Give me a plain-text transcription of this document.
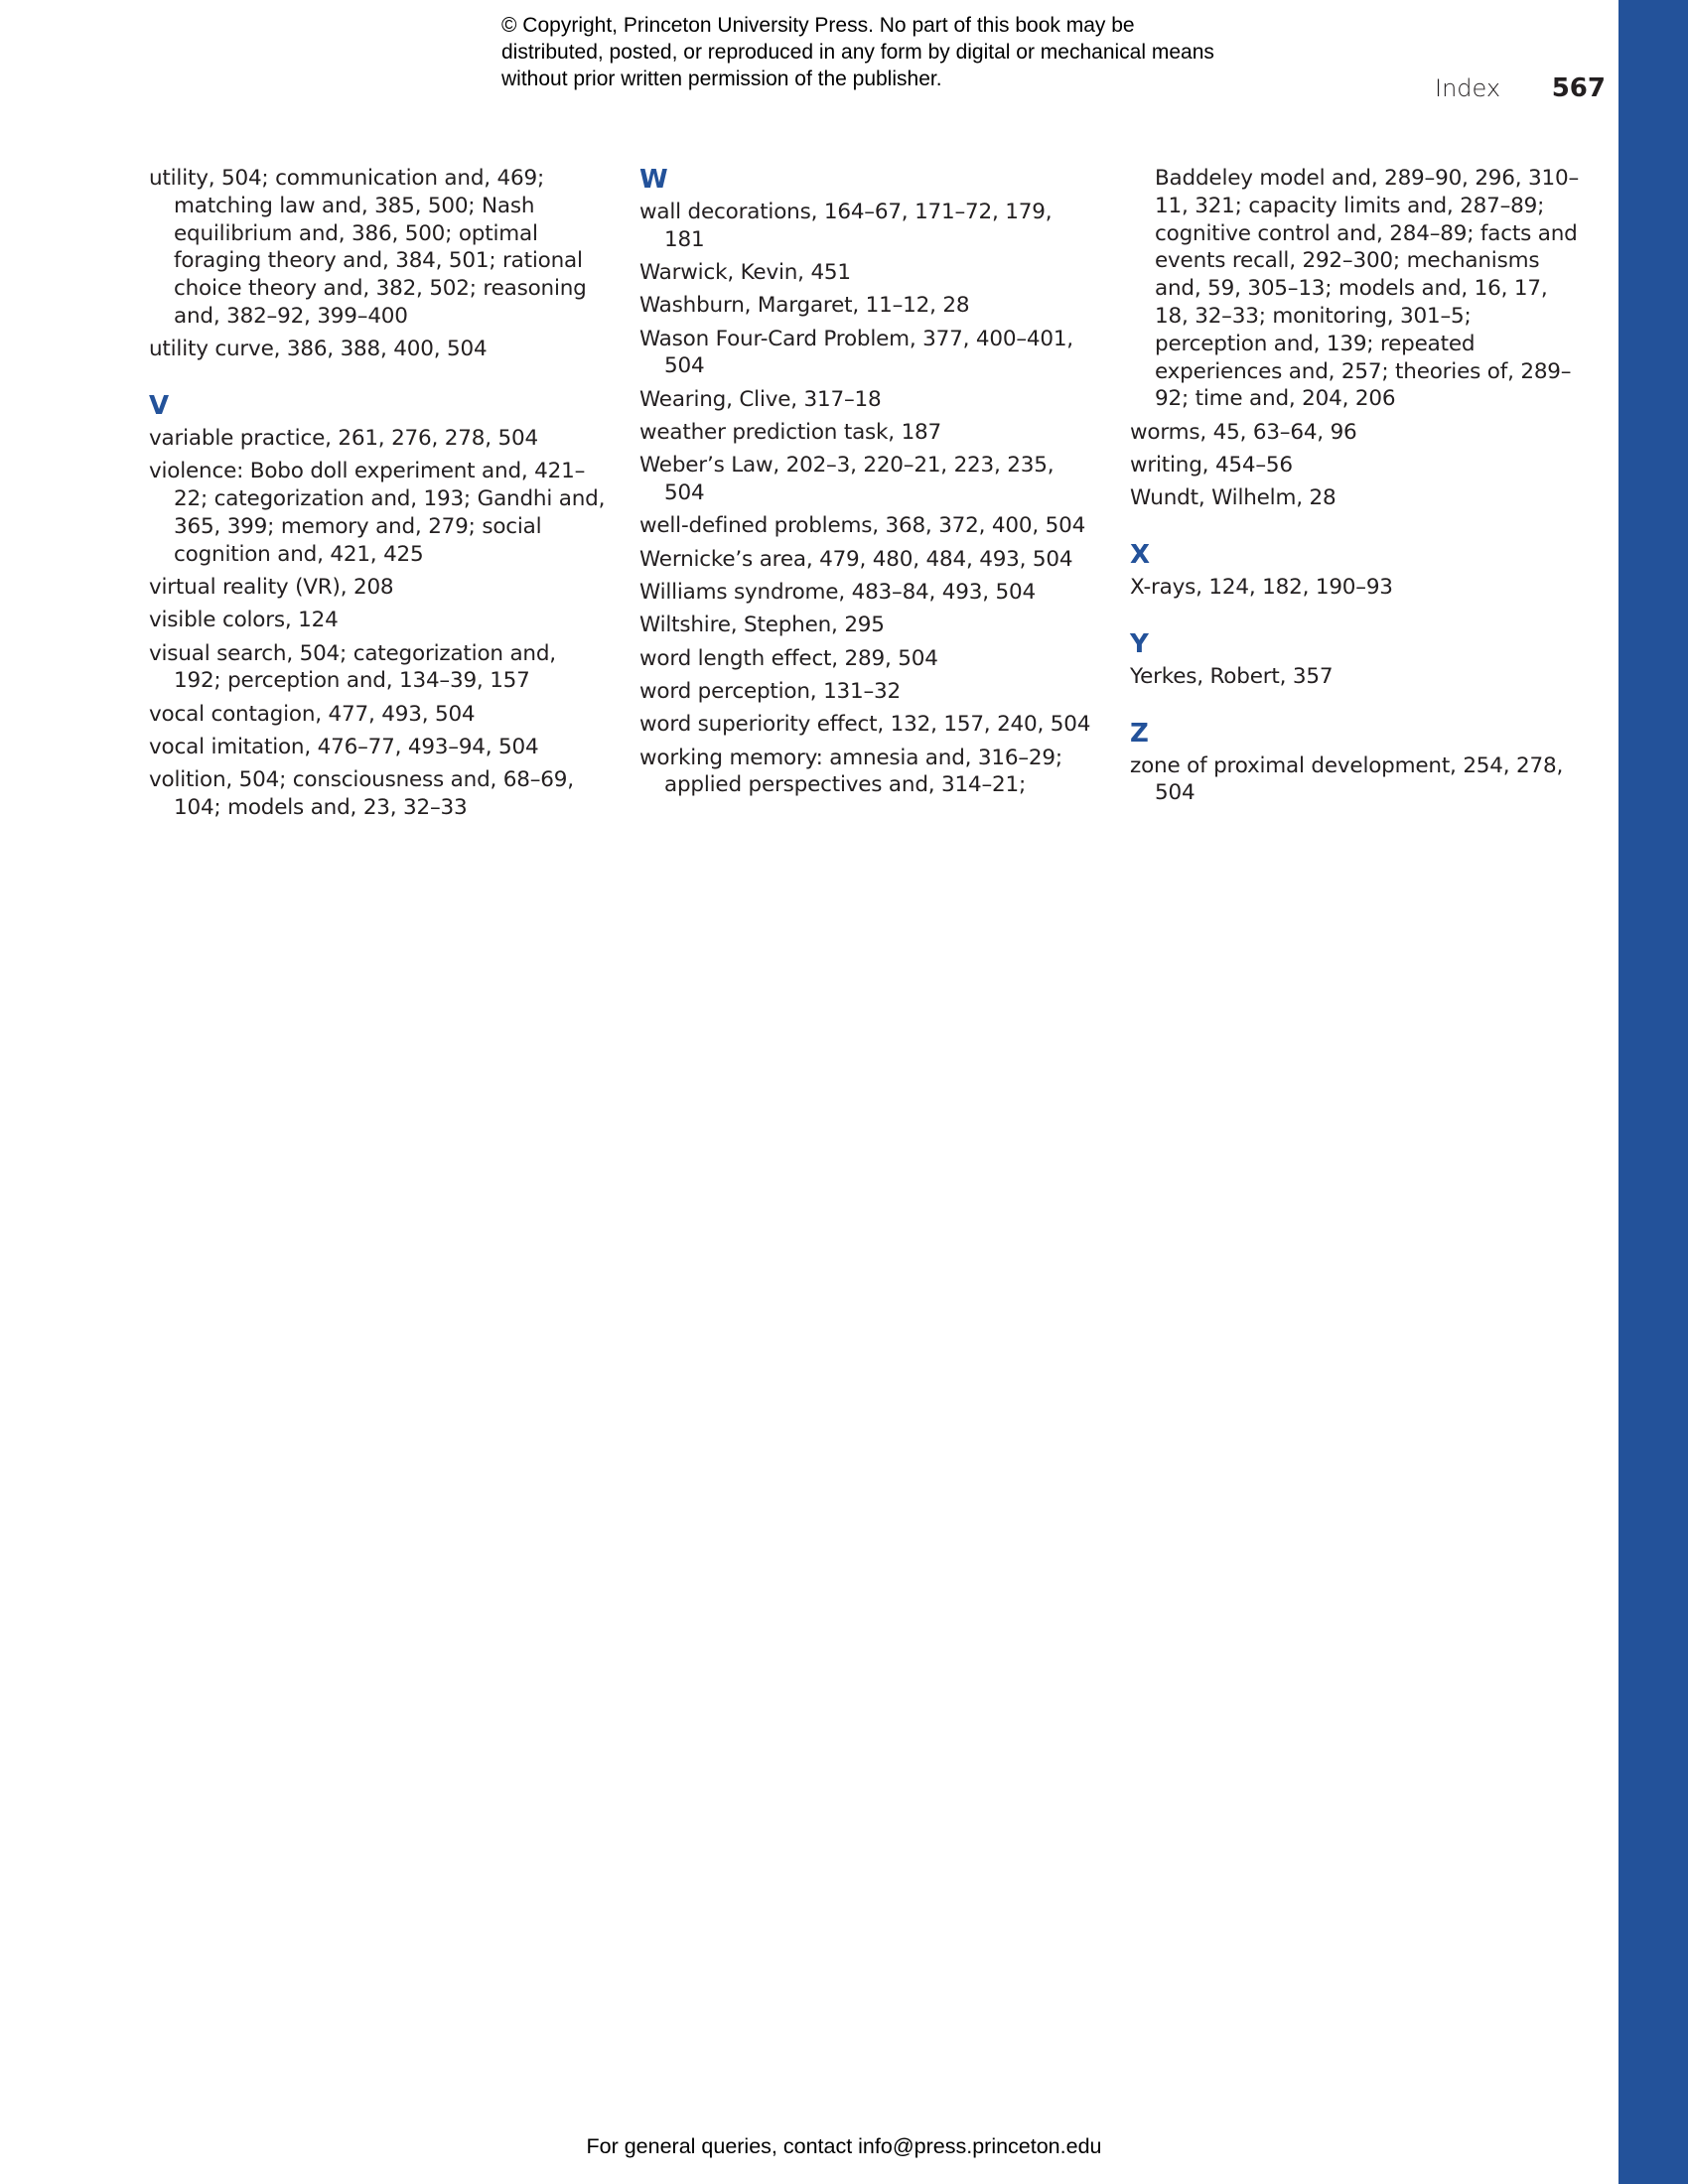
© Copyright, Princeton University Press. No part of this book may be distributed, posted, or reproduced in any form by digital or mechanical means without prior written permission of the publisher.	Index 567
utility, 504; communication and, 469; matching law and, 385, 500; Nash equilibrium and, 386, 500; optimal foraging theory and, 384, 501; rational choice theory and, 382, 502; reasoning and, 382–92, 399–400
utility curve, 386, 388, 400, 504
V
variable practice, 261, 276, 278, 504
violence: Bobo doll experiment and, 421–22; categorization and, 193; Gandhi and, 365, 399; memory and, 279; social cognition and, 421, 425
virtual reality (VR), 208
visible colors, 124
visual search, 504; categorization and, 192; perception and, 134–39, 157
vocal contagion, 477, 493, 504
vocal imitation, 476–77, 493–94, 504
volition, 504; consciousness and, 68–69, 104; models and, 23, 32–33
W
wall decorations, 164–67, 171–72, 179, 181
Warwick, Kevin, 451
Washburn, Margaret, 11–12, 28
Wason Four-Card Problem, 377, 400–401, 504
Wearing, Clive, 317–18
weather prediction task, 187
Weber’s Law, 202–3, 220–21, 223, 235, 504
well-defined problems, 368, 372, 400, 504
Wernicke’s area, 479, 480, 484, 493, 504
Williams syndrome, 483–84, 493, 504
Wiltshire, Stephen, 295
word length effect, 289, 504
word perception, 131–32
word superiority effect, 132, 157, 240, 504
working memory: amnesia and, 316–29; applied perspectives and, 314–21;
Baddeley model and, 289–90, 296, 310–11, 321; capacity limits and, 287–89; cognitive control and, 284–89; facts and events recall, 292–300; mechanisms and, 59, 305–13; models and, 16, 17, 18, 32–33; monitoring, 301–5; perception and, 139; repeated experiences and, 257; theories of, 289–92; time and, 204, 206
worms, 45, 63–64, 96
writing, 454–56
Wundt, Wilhelm, 28
X
X-rays, 124, 182, 190–93
Y
Yerkes, Robert, 357
Z
zone of proximal development, 254, 278, 504
For general queries, contact info@press.princeton.edu
